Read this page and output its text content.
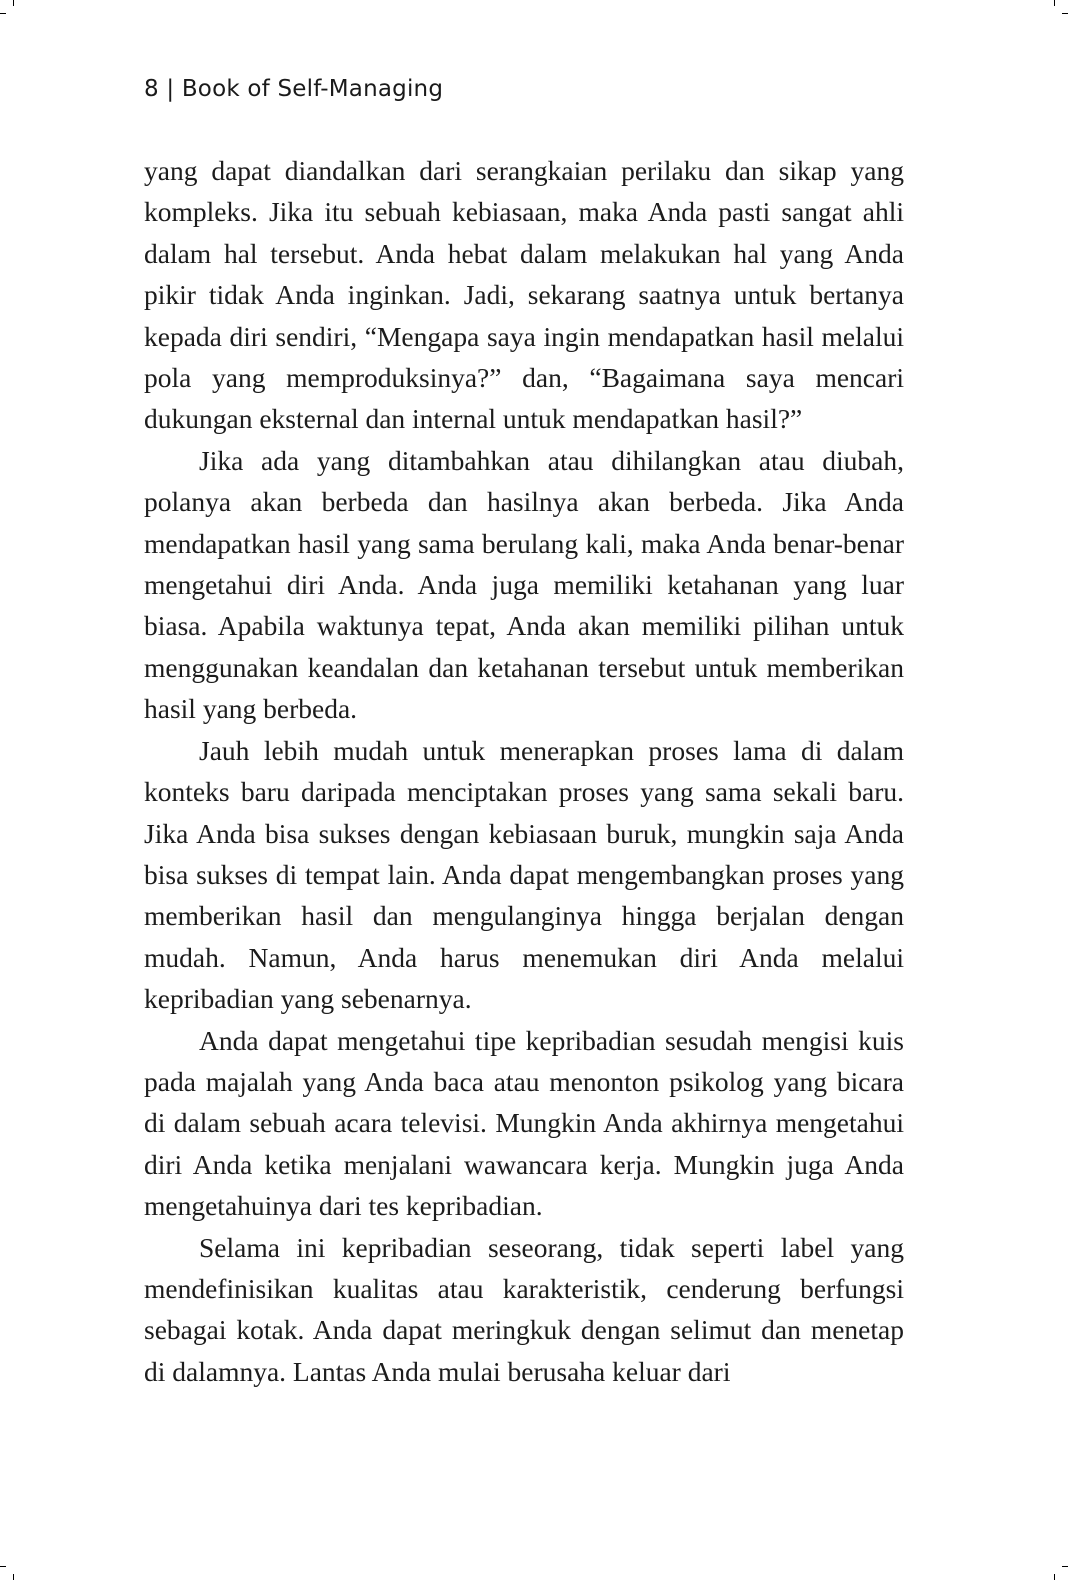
8 | Book of Self-Managing

yang dapat diandalkan dari serangkaian perilaku dan sikap yang kompleks. Jika itu sebuah kebiasaan, maka Anda pasti sangat ahli dalam hal tersebut. Anda hebat dalam melakukan hal yang Anda pikir tidak Anda inginkan. Jadi, sekarang saatnya untuk bertanya kepada diri sendiri, “Mengapa saya ingin mendapatkan hasil melalui pola yang memproduksinya?” dan, “Bagaimana saya mencari dukungan eksternal dan internal untuk mendapatkan hasil?”

Jika ada yang ditambahkan atau dihilangkan atau diubah, polanya akan berbeda dan hasilnya akan berbeda. Jika Anda mendapatkan hasil yang sama berulang kali, maka Anda benar-benar mengetahui diri Anda. Anda juga memiliki ketahanan yang luar biasa. Apabila waktunya tepat, Anda akan memiliki pilihan untuk menggunakan keandalan dan ketahanan tersebut untuk memberikan hasil yang berbeda.

Jauh lebih mudah untuk menerapkan proses lama di dalam konteks baru daripada menciptakan proses yang sama sekali baru. Jika Anda bisa sukses dengan kebiasaan buruk, mungkin saja Anda bisa sukses di tempat lain. Anda dapat mengembangkan proses yang memberikan hasil dan mengulanginya hingga berjalan dengan mudah. Namun, Anda harus menemukan diri Anda melalui kepribadian yang sebenarnya.

Anda dapat mengetahui tipe kepribadian sesudah mengisi kuis pada majalah yang Anda baca atau menonton psikolog yang bicara di dalam sebuah acara televisi. Mungkin Anda akhirnya mengetahui diri Anda ketika menjalani wawancara kerja. Mungkin juga Anda mengetahuinya dari tes kepribadian.

Selama ini kepribadian seseorang, tidak seperti label yang mendefinisikan kualitas atau karakteristik, cenderung berfungsi sebagai kotak. Anda dapat meringkuk dengan selimut dan menetap di dalamnya. Lantas Anda mulai berusaha keluar dari
